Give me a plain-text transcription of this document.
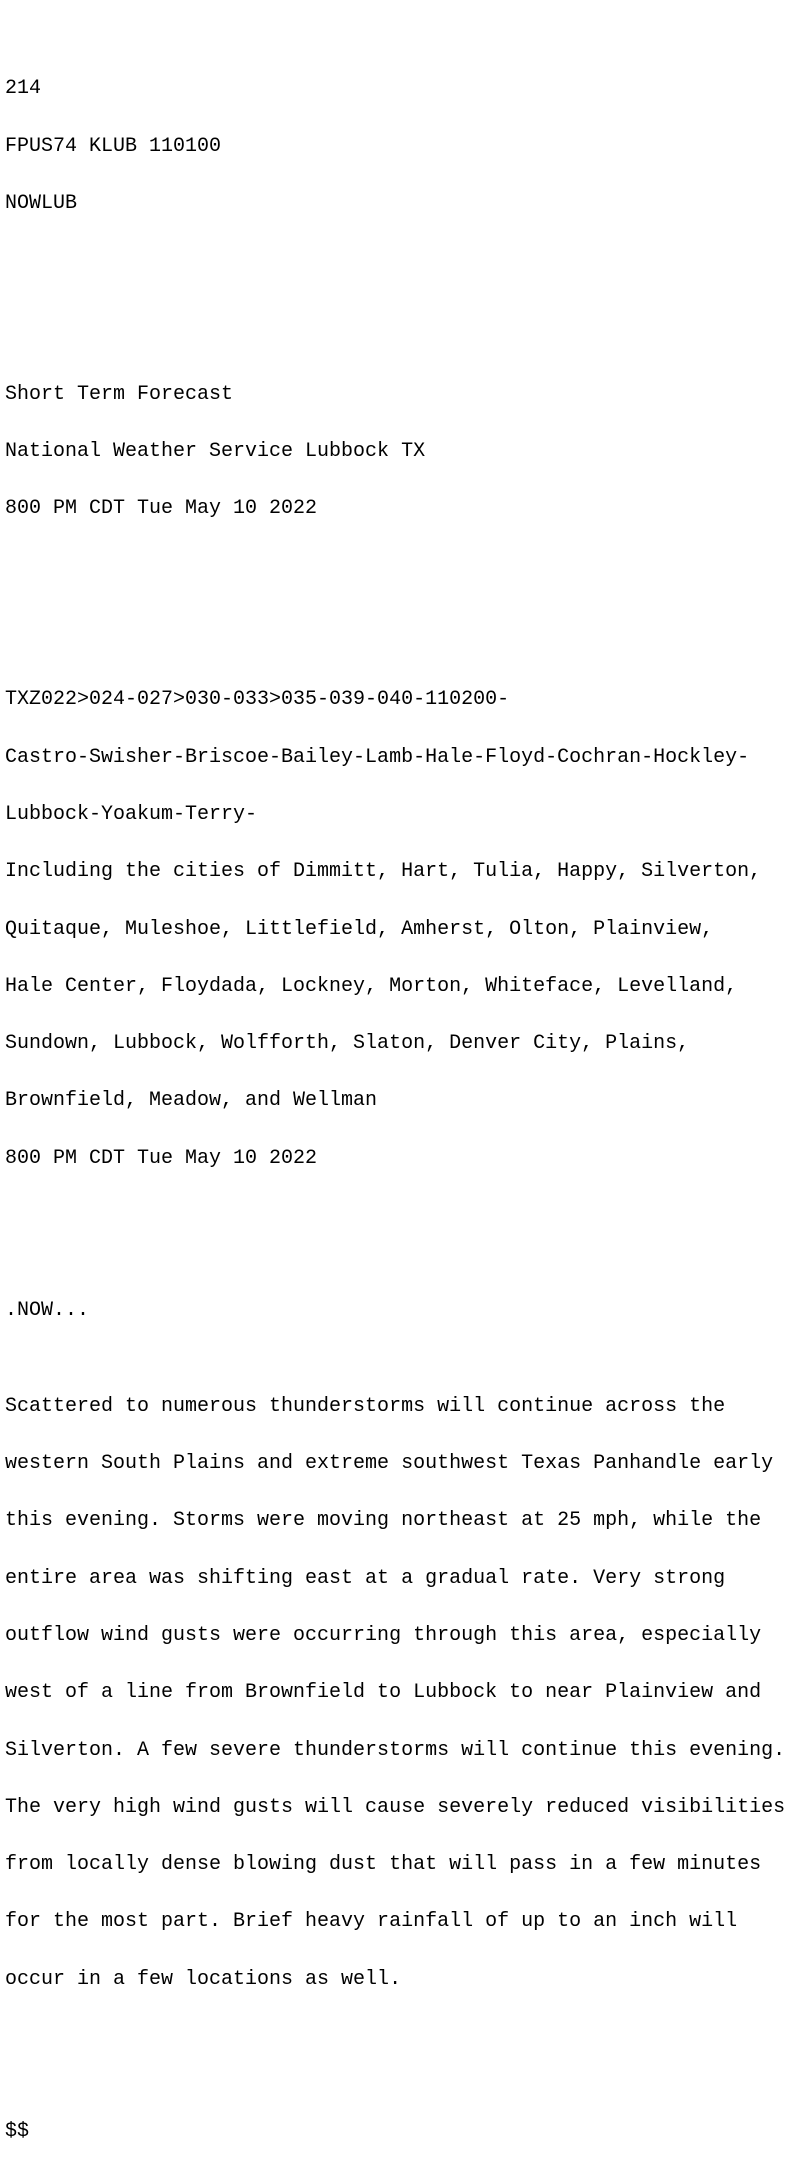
214

FPUS74 KLUB 110100

NOWLUB

Short Term Forecast

National Weather Service Lubbock TX

800 PM CDT Tue May 10 2022

TXZ022>024-027>030-033>035-039-040-110200-

Castro-Swisher-Briscoe-Bailey-Lamb-Hale-Floyd-Cochran-Hockley-

Lubbock-Yoakum-Terry-

Including the cities of Dimmitt, Hart, Tulia, Happy, Silverton,

Quitaque, Muleshoe, Littlefield, Amherst, Olton, Plainview,

Hale Center, Floydada, Lockney, Morton, Whiteface, Levelland,

Sundown, Lubbock, Wolfforth, Slaton, Denver City, Plains,

Brownfield, Meadow, and Wellman

800 PM CDT Tue May 10 2022

.NOW...

Scattered to numerous thunderstorms will continue across the

western South Plains and extreme southwest Texas Panhandle early

this evening. Storms were moving northeast at 25 mph, while the

entire area was shifting east at a gradual rate. Very strong

outflow wind gusts were occurring through this area, especially

west of a line from Brownfield to Lubbock to near Plainview and

Silverton. A few severe thunderstorms will continue this evening.

The very high wind gusts will cause severely reduced visibilities

from locally dense blowing dust that will pass in a few minutes

for the most part. Brief heavy rainfall of up to an inch will

occur in a few locations as well.

$$
